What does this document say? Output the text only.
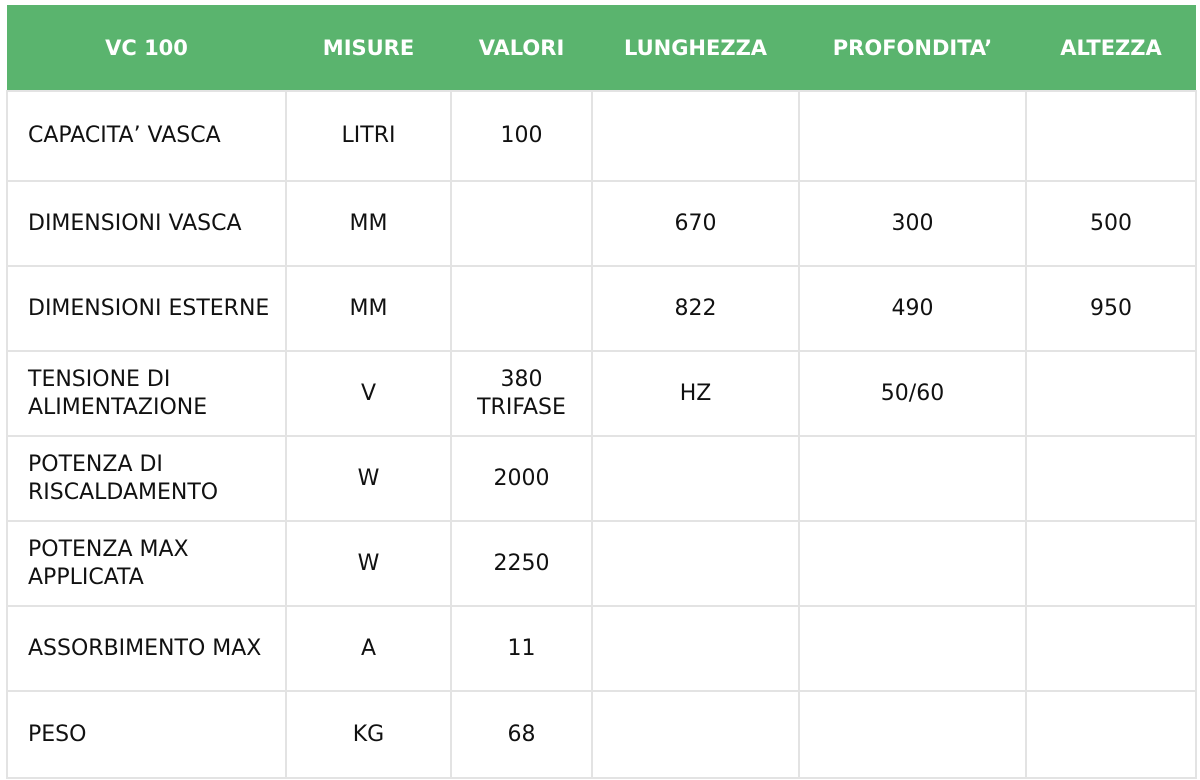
VC 100	MISURE	VALORI	LUNGHEZZA	PROFONDITA’	ALTEZZA
CAPACITA’ VASCA	LITRI	100			
DIMENSIONI VASCA	MM		670	300	500
DIMENSIONI ESTERNE	MM		822	490	950
TENSIONE DI ALIMENTAZIONE	V	380 TRIFASE	HZ	50/60	
POTENZA DI RISCALDAMENTO	W	2000			
POTENZA MAX APPLICATA	W	2250			
ASSORBIMENTO MAX	A	11			
PESO	KG	68			
